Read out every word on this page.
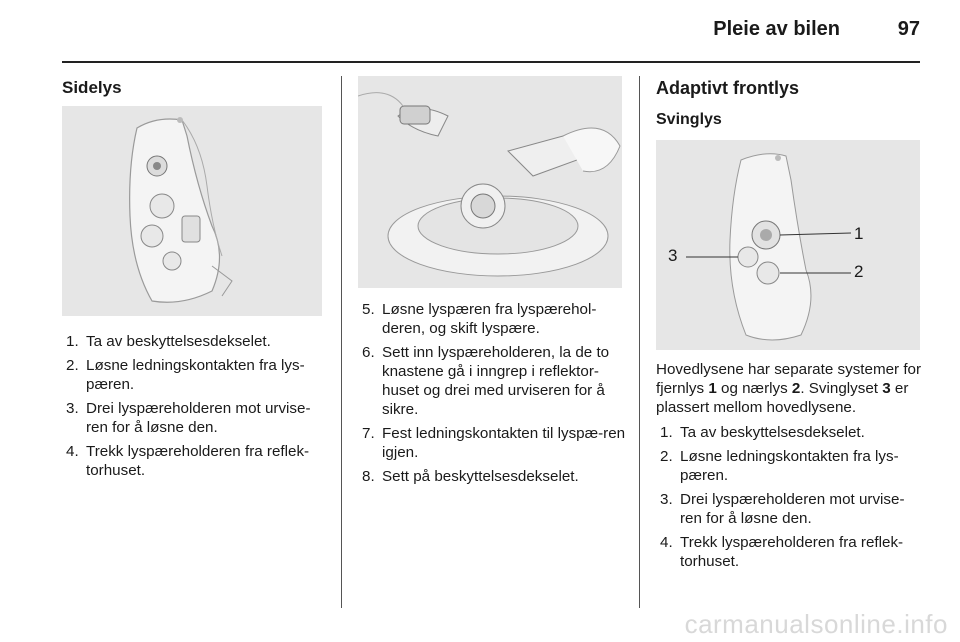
Pleie av bilen	97
Sidelys
1. Ta av beskyttelsesdekselet.
2. Løsne ledningskontakten fra lys-pæren.
3. Drei lyspæreholderen mot urvise-ren for å løsne den.
4. Trekk lyspæreholderen fra reflek-torhuset.
5. Løsne lyspæren fra lyspærehol-deren, og skift lyspære.
6. Sett inn lyspæreholderen, la de to knastene gå i inngrep i reflektor-huset og drei med urviseren for å sikre.
7. Fest ledningskontakten til lyspæ-ren igjen.
8. Sett på beskyttelsesdekselet.
Adaptivt frontlys
Svinglys
1
2
3

Hovedlysene har separate systemer for fjernlys 1 og nærlys 2. Svinglyset 3 er plassert mellom hovedlysene.

1. Ta av beskyttelsesdekselet.
2. Løsne ledningskontakten fra lys-pæren.
3. Drei lyspæreholderen mot urvise-ren for å løsne den.
4. Trekk lyspæreholderen fra reflek-torhuset.
carmanualsonline.info
